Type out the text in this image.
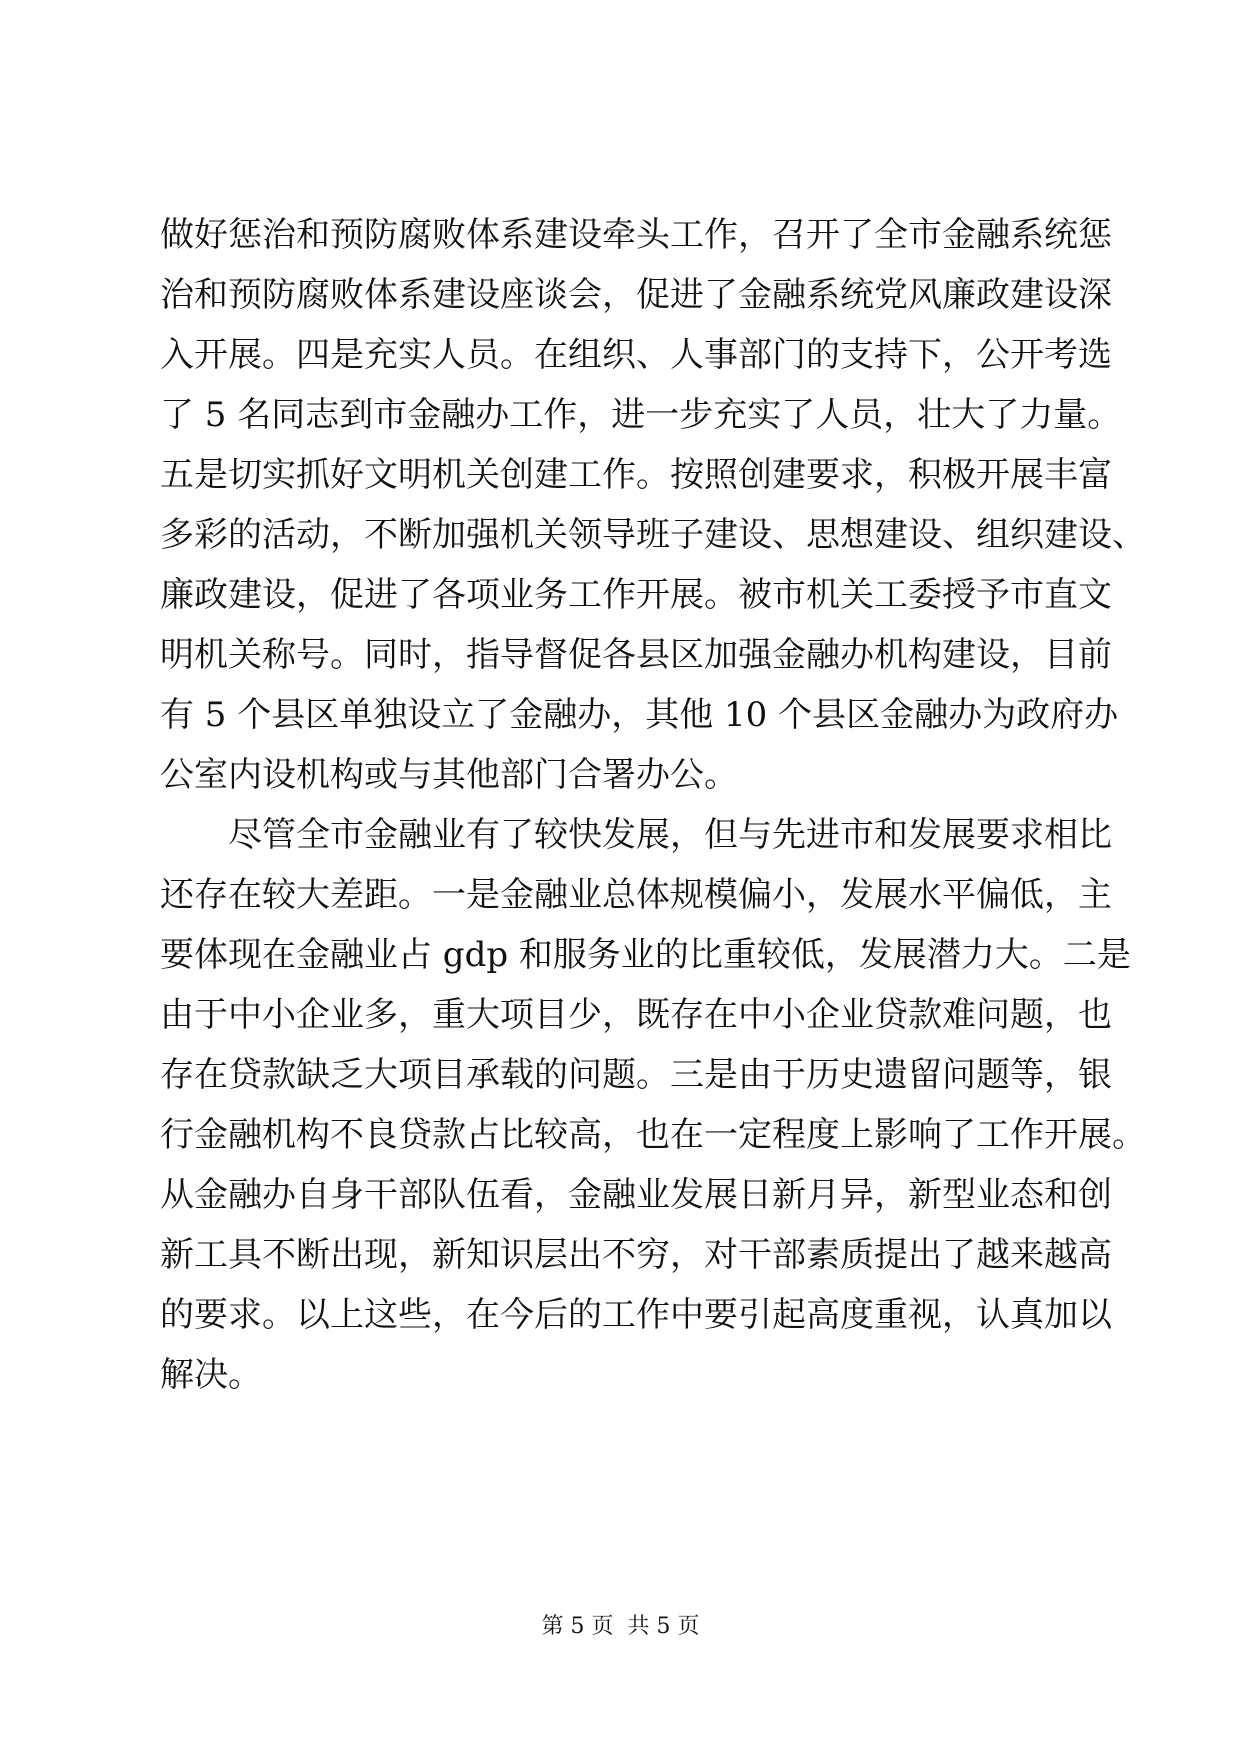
做好惩治和预防腐败体系建设牵头工作，召开了全市金融系统惩
治和预防腐败体系建设座谈会，促进了金融系统党风廉政建设深
入开展。四是充实人员。在组织、人事部门的支持下，公开考选
了 5 名同志到市金融办工作，进一步充实了人员，壮大了力量。
五是切实抓好文明机关创建工作。按照创建要求，积极开展丰富
多彩的活动，不断加强机关领导班子建设、思想建设、组织建设、
廉政建设，促进了各项业务工作开展。被市机关工委授予市直文
明机关称号。同时，指导督促各县区加强金融办机构建设，目前
有 5 个县区单独设立了金融办，其他 10 个县区金融办为政府办
公室内设机构或与其他部门合署办公。
尽管全市金融业有了较快发展，但与先进市和发展要求相比
还存在较大差距。一是金融业总体规模偏小，发展水平偏低，主
要体现在金融业占 gdp 和服务业的比重较低，发展潜力大。二是
由于中小企业多，重大项目少，既存在中小企业贷款难问题，也
存在贷款缺乏大项目承载的问题。三是由于历史遗留问题等，银
行金融机构不良贷款占比较高，也在一定程度上影响了工作开展。
从金融办自身干部队伍看，金融业发展日新月异，新型业态和创
新工具不断出现，新知识层出不穷，对干部素质提出了越来越高
的要求。以上这些，在今后的工作中要引起高度重视，认真加以
解决。
第 5 页  共 5 页
